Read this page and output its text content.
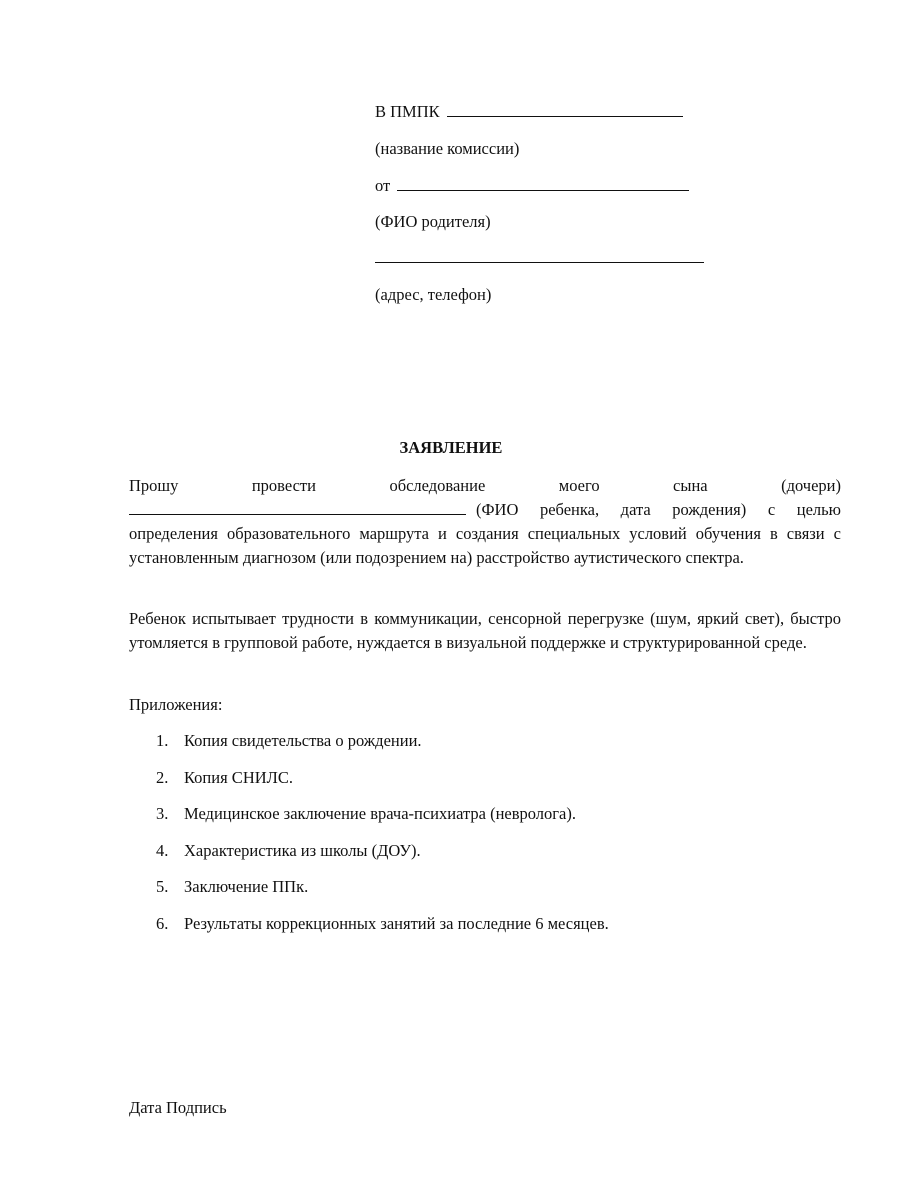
В ПМПК
(название комиссии)
от
(ФИО родителя)
(адрес, телефон)
ЗАЯВЛЕНИЕ

Прошу провести обследование моего сына (дочери)

(ФИО ребенка, дата рождения) с целью определения образовательного маршрута и создания специальных условий обучения в связи с установленным диагнозом (или подозрением на) расстройство аутистического спектра.

Ребенок испытывает трудности в коммуникации, сенсорной перегрузке (шум, яркий свет), быстро утомляется в групповой работе, нуждается в визуальной поддержке и структурированной среде.

Приложения:
1. Копия свидетельства о рождении.
2. Копия СНИЛС.
3. Медицинское заключение врача-психиатра (невролога).
4. Характеристика из школы (ДОУ).
5. Заключение ППк.
6. Результаты коррекционных занятий за последние 6 месяцев.
Дата Подпись
